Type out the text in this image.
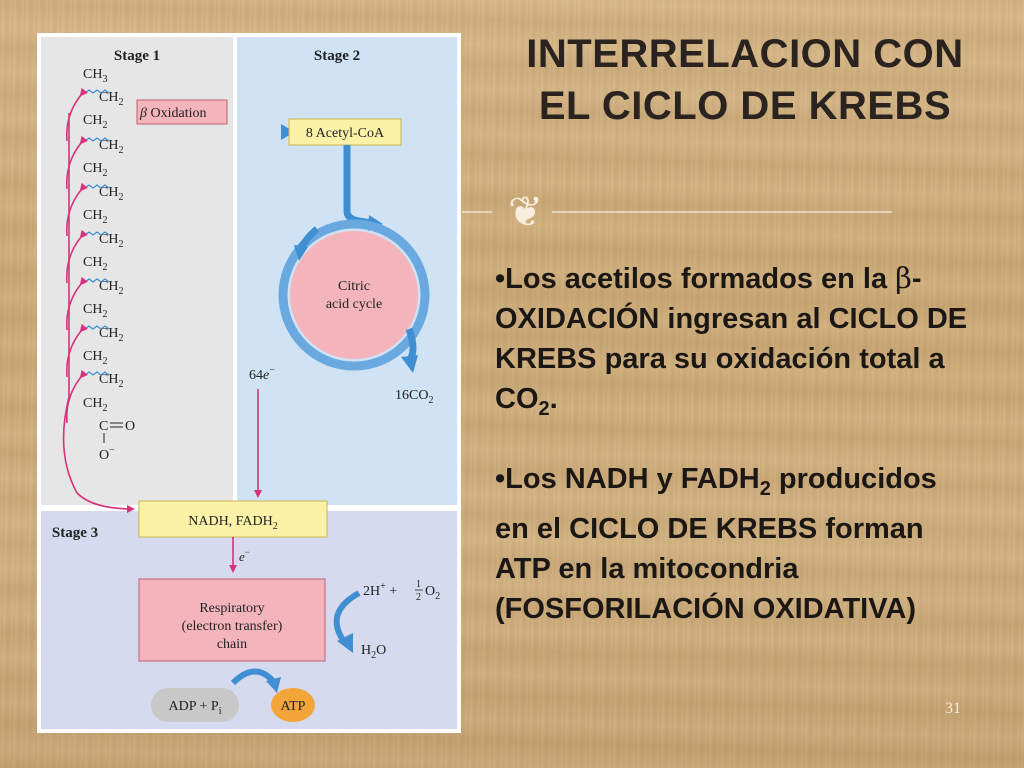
Stage 1	Stage 2
Stage 3
$CH_3$
$CH_2$
$CH_2$
$CH_2$
$CH_2$
$CH_2$
$CH_2$
$CH_2$
$CH_2$
$CH_2$
$CH_2$
$CH_2$
$CH_2$
$CH_2$
$CH_2$
C O
O−
β Oxidation
8 Acetyl-CoA
Citric
acid cycle
$16CO_2$
64e−
NADH, $FADH_2$
e−
Respiratory
(electron transfer)
chain
2H+ + 1
2 $O_2$
$H_2O$
ADP + $P_i$	ATP
INTERRELACION CON EL CICLO DE KREBS
❦

•Los acetilos formados en la β-OXIDACIÓN ingresan al CICLO DE KREBS para su oxidación total a $CO_2$.

•Los NADH y $FADH_2$ producidos en el CICLO DE KREBS forman ATP en la mitocondria (FOSFORILACIÓN OXIDATIVA)

31
